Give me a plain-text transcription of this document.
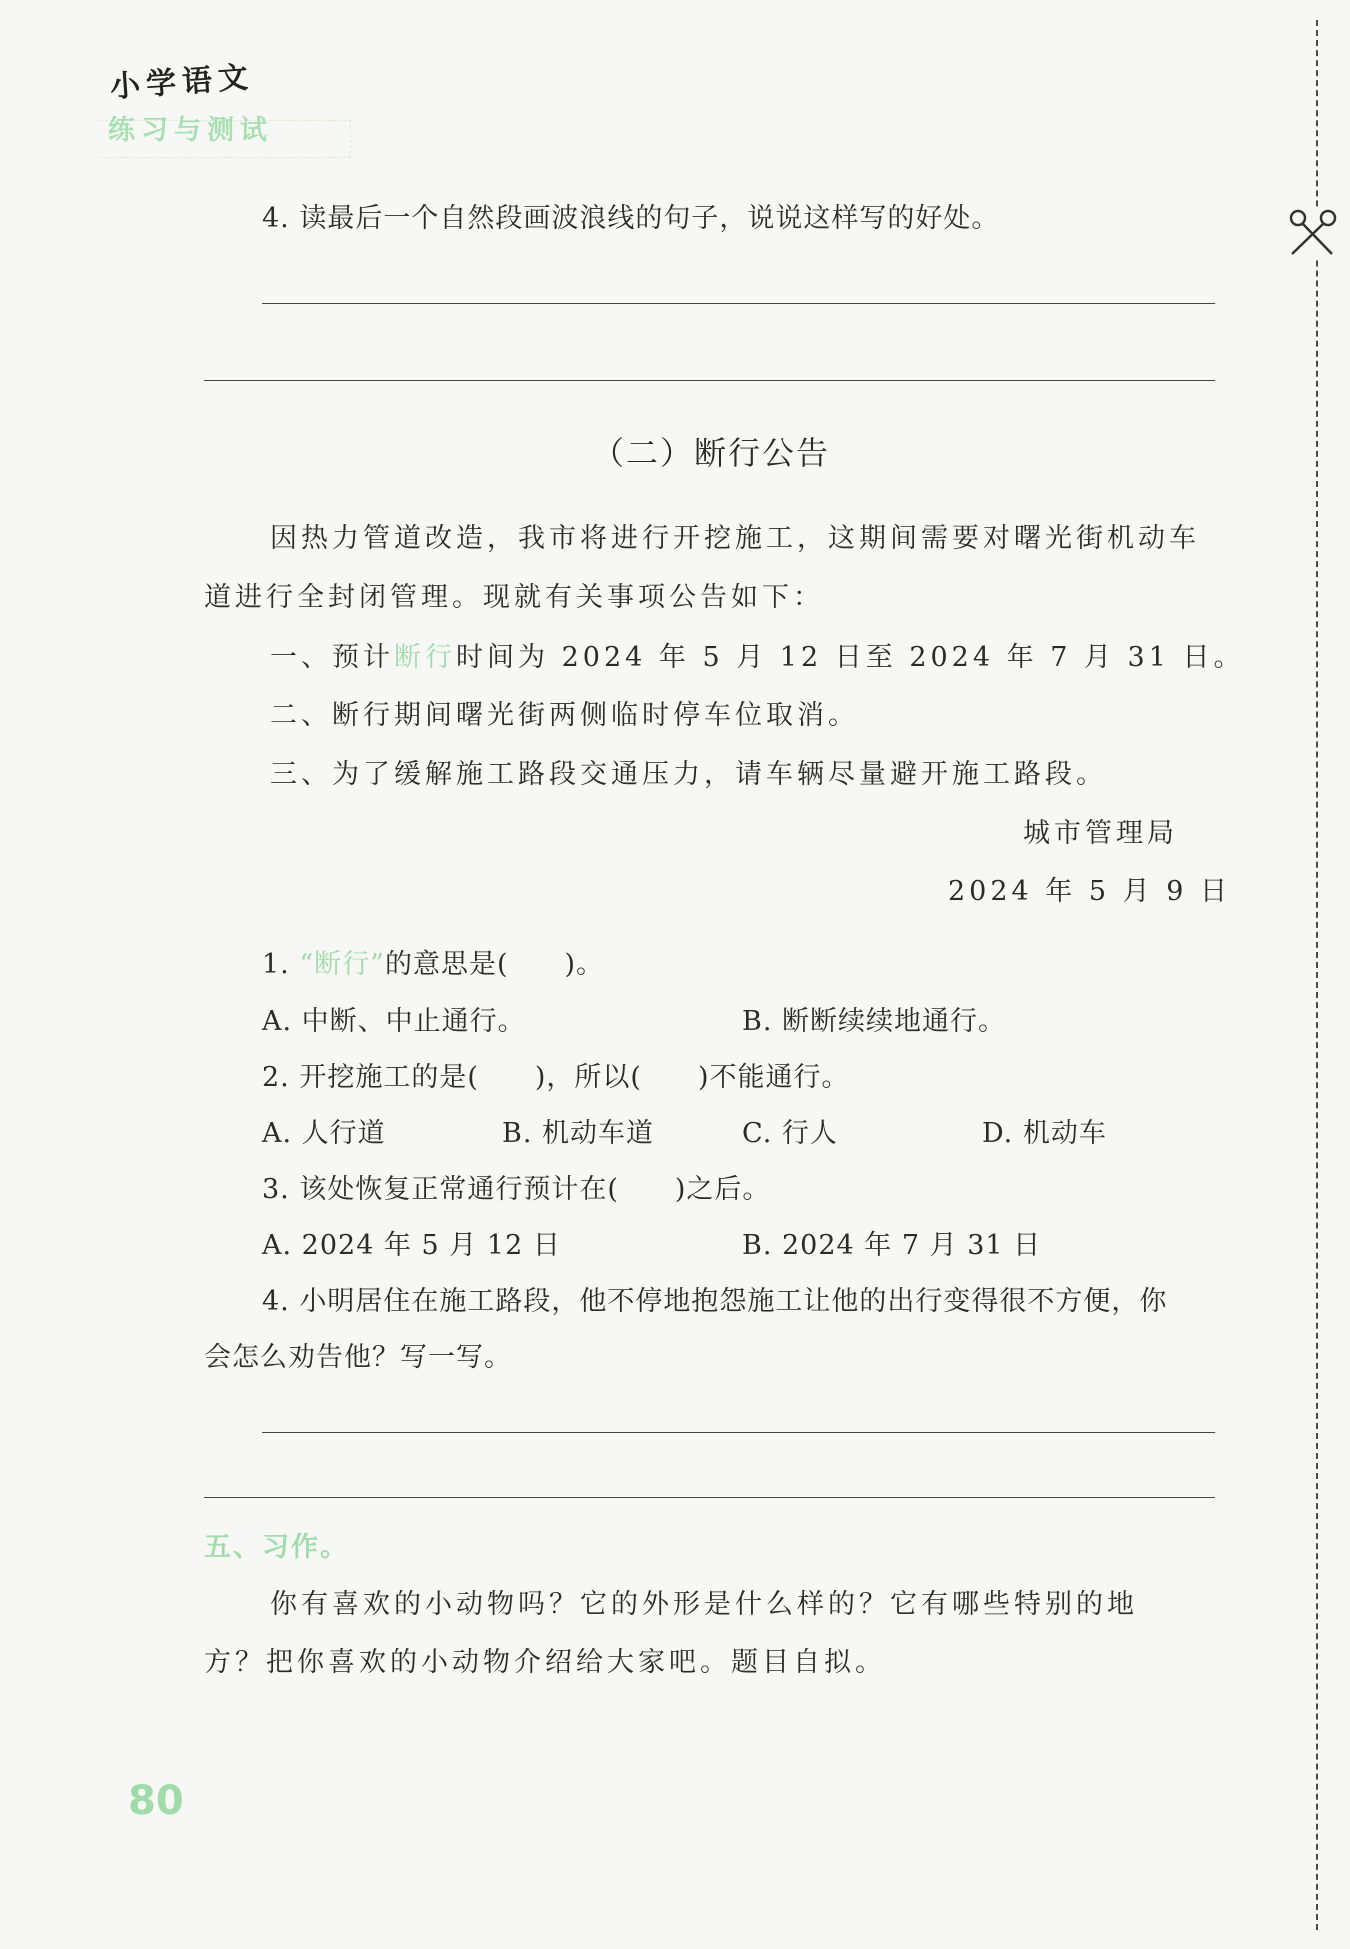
小学语文
练习与测试
4. 读最后一个自然段画波浪线的句子，说说这样写的好处。
（二）断行公告
因热力管道改造，我市将进行开挖施工，这期间需要对曙光街机动车
道进行全封闭管理。现就有关事项公告如下：
一、预计断行时间为 2024 年 5 月 12 日至 2024 年 7 月 31 日。
二、断行期间曙光街两侧临时停车位取消。
三、为了缓解施工路段交通压力，请车辆尽量避开施工路段。
城市管理局
2024 年 5 月 9 日
1. “断行”的意思是(　　)。
A. 中断、中止通行。	B. 断断续续地通行。
2. 开挖施工的是(　　)，所以(　　)不能通行。
A. 人行道	B. 机动车道	C. 行人	D. 机动车
3. 该处恢复正常通行预计在(　　)之后。
A. 2024 年 5 月 12 日	B. 2024 年 7 月 31 日
4. 小明居住在施工路段，他不停地抱怨施工让他的出行变得很不方便，你
会怎么劝告他？写一写。
五、习作。
你有喜欢的小动物吗？它的外形是什么样的？它有哪些特别的地
方？把你喜欢的小动物介绍给大家吧。题目自拟。
80
